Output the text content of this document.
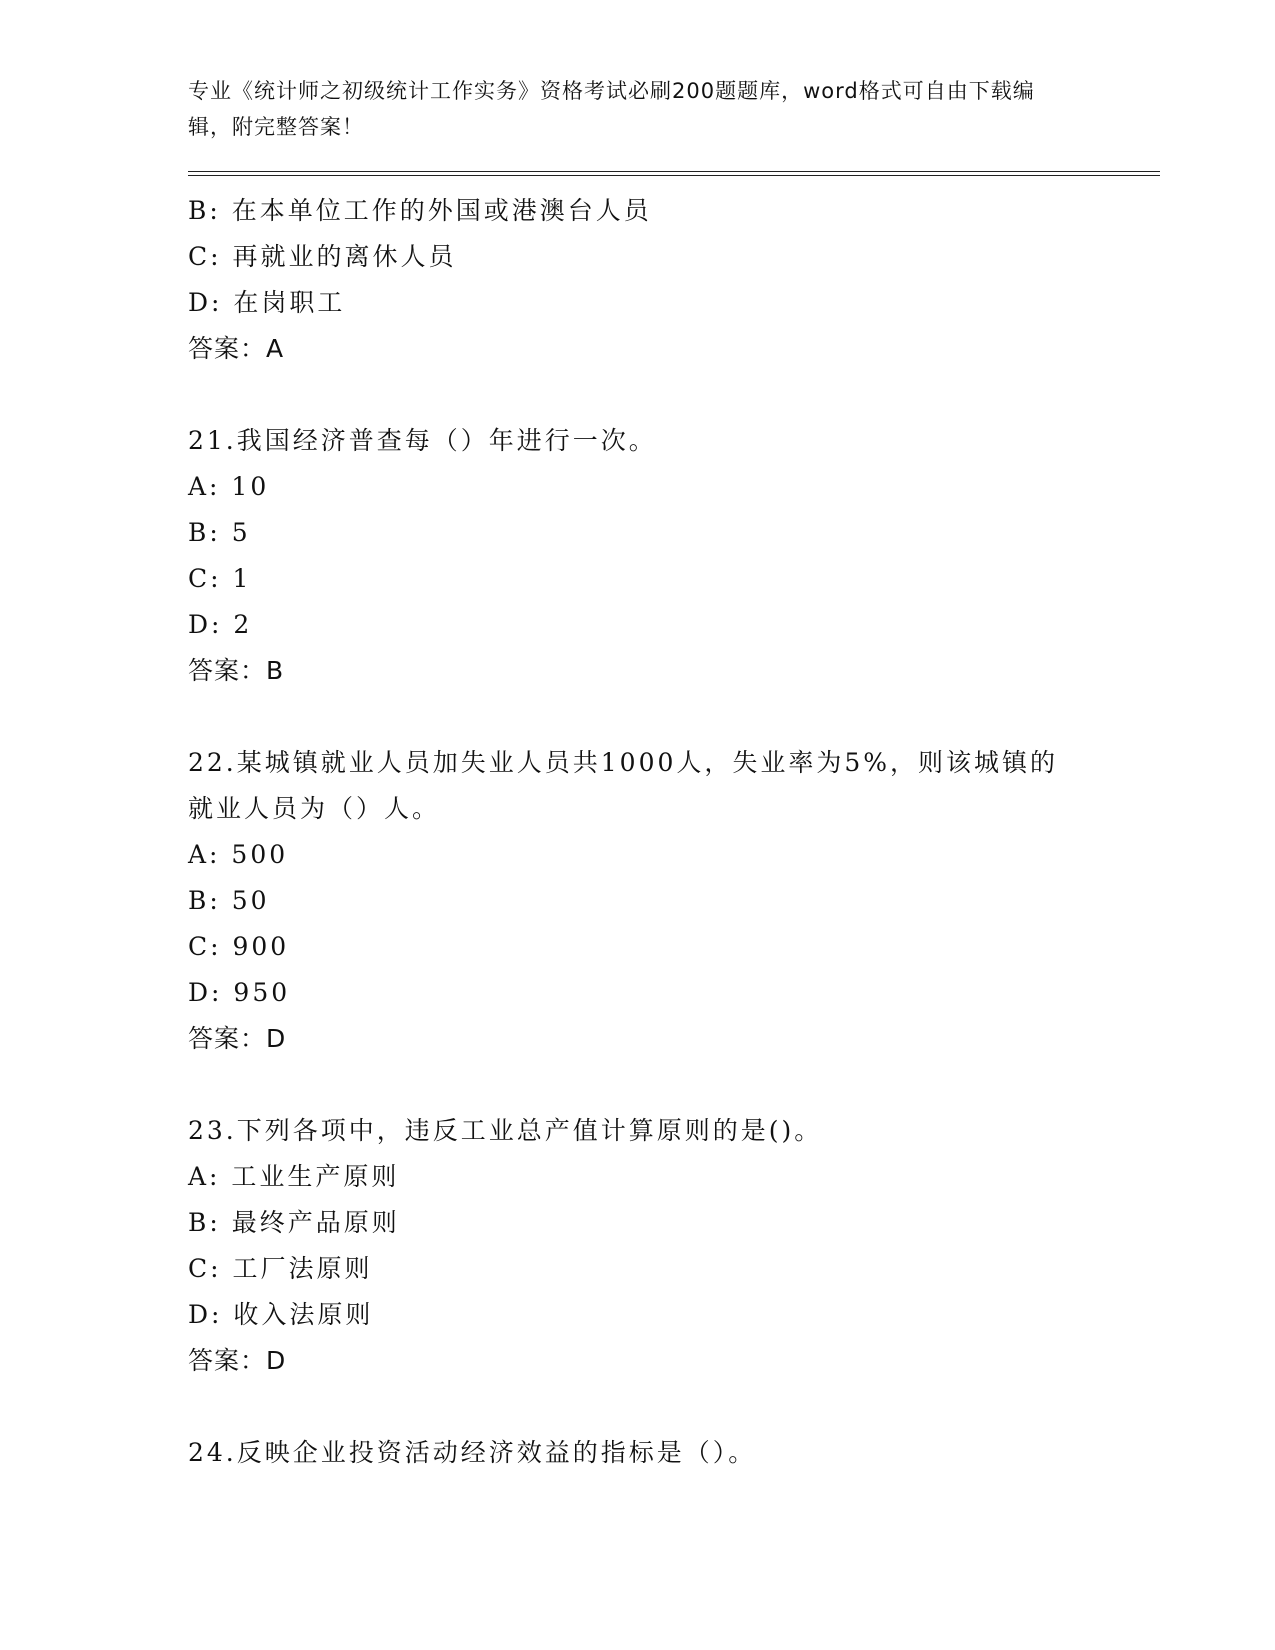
专业《统计师之初级统计工作实务》资格考试必刷200题题库，word格式可自由下载编辑，附完整答案！
B: 在本单位工作的外国或港澳台人员
C: 再就业的离休人员
D: 在岗职工
答案：A
21.我国经济普查每（）年进行一次。
A: 10
B: 5
C: 1
D: 2
答案：B
22.某城镇就业人员加失业人员共1000人，失业率为5%，则该城镇的
就业人员为（）人。
A: 500
B: 50
C: 900
D: 950
答案：D
23.下列各项中，违反工业总产值计算原则的是()。
A: 工业生产原则
B: 最终产品原则
C: 工厂法原则
D: 收入法原则
答案：D
24.反映企业投资活动经济效益的指标是（）。
